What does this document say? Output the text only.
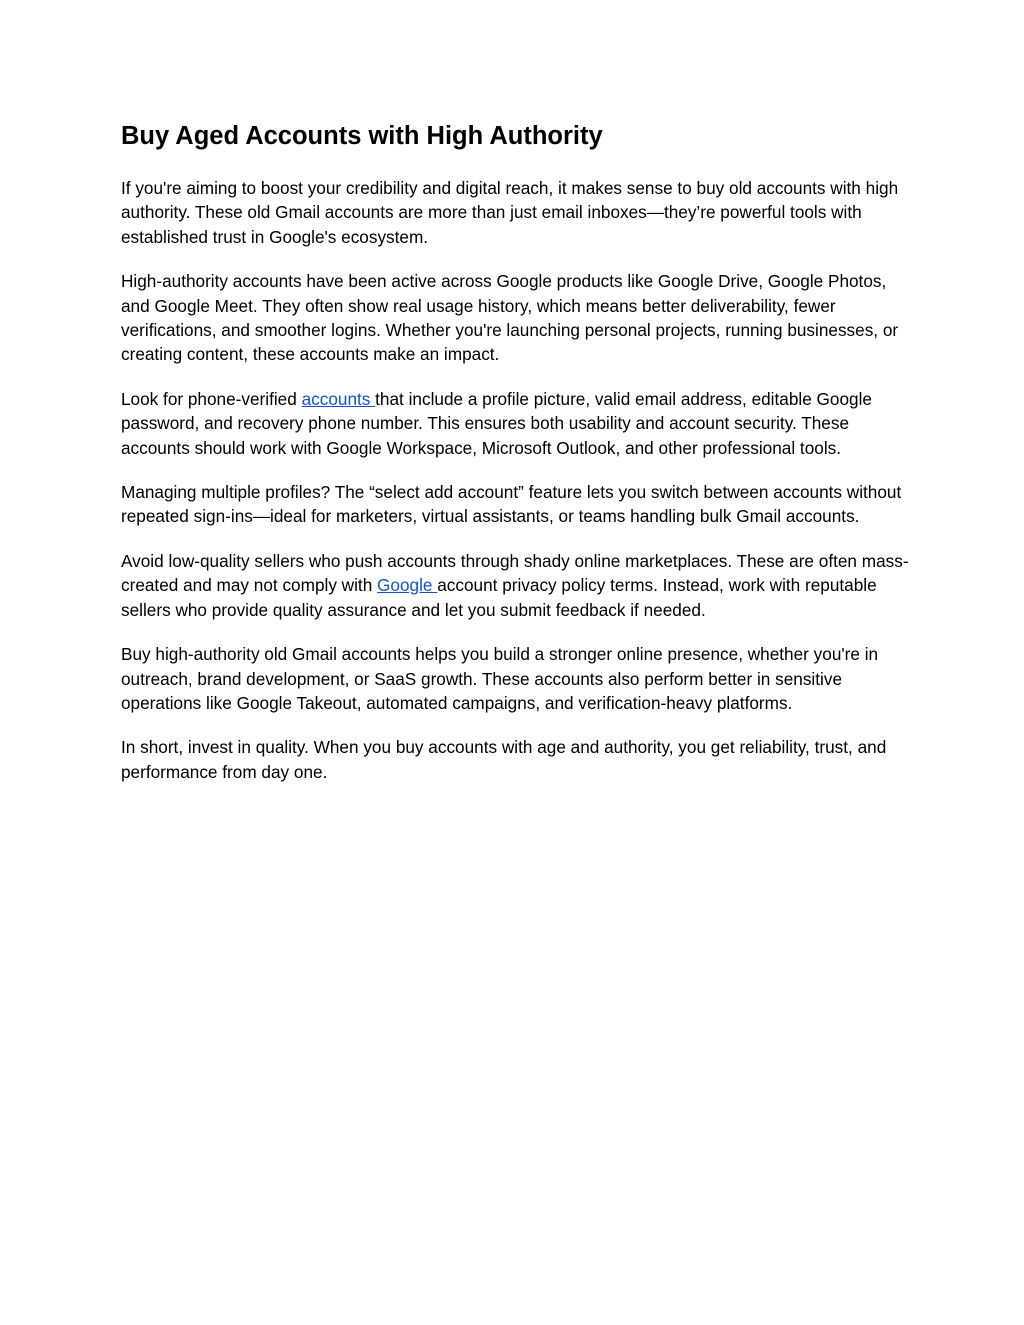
Buy Aged Accounts with High Authority

If you're aiming to boost your credibility and digital reach, it makes sense to buy old accounts with high authority. These old Gmail accounts are more than just email inboxes—they’re powerful tools with established trust in Google's ecosystem.

High-authority accounts have been active across Google products like Google Drive, Google Photos, and Google Meet. They often show real usage history, which means better deliverability, fewer verifications, and smoother logins. Whether you're launching personal projects, running businesses, or creating content, these accounts make an impact.

Look for phone-verified accounts that include a profile picture, valid email address, editable Google password, and recovery phone number. This ensures both usability and account security. These accounts should work with Google Workspace, Microsoft Outlook, and other professional tools.

Managing multiple profiles? The “select add account” feature lets you switch between accounts without repeated sign-ins—ideal for marketers, virtual assistants, or teams handling bulk Gmail accounts.

Avoid low-quality sellers who push accounts through shady online marketplaces. These are often mass-created and may not comply with Google account privacy policy terms. Instead, work with reputable sellers who provide quality assurance and let you submit feedback if needed.

Buy high-authority old Gmail accounts helps you build a stronger online presence, whether you're in outreach, brand development, or SaaS growth. These accounts also perform better in sensitive operations like Google Takeout, automated campaigns, and verification-heavy platforms.

In short, invest in quality. When you buy accounts with age and authority, you get reliability, trust, and performance from day one.
